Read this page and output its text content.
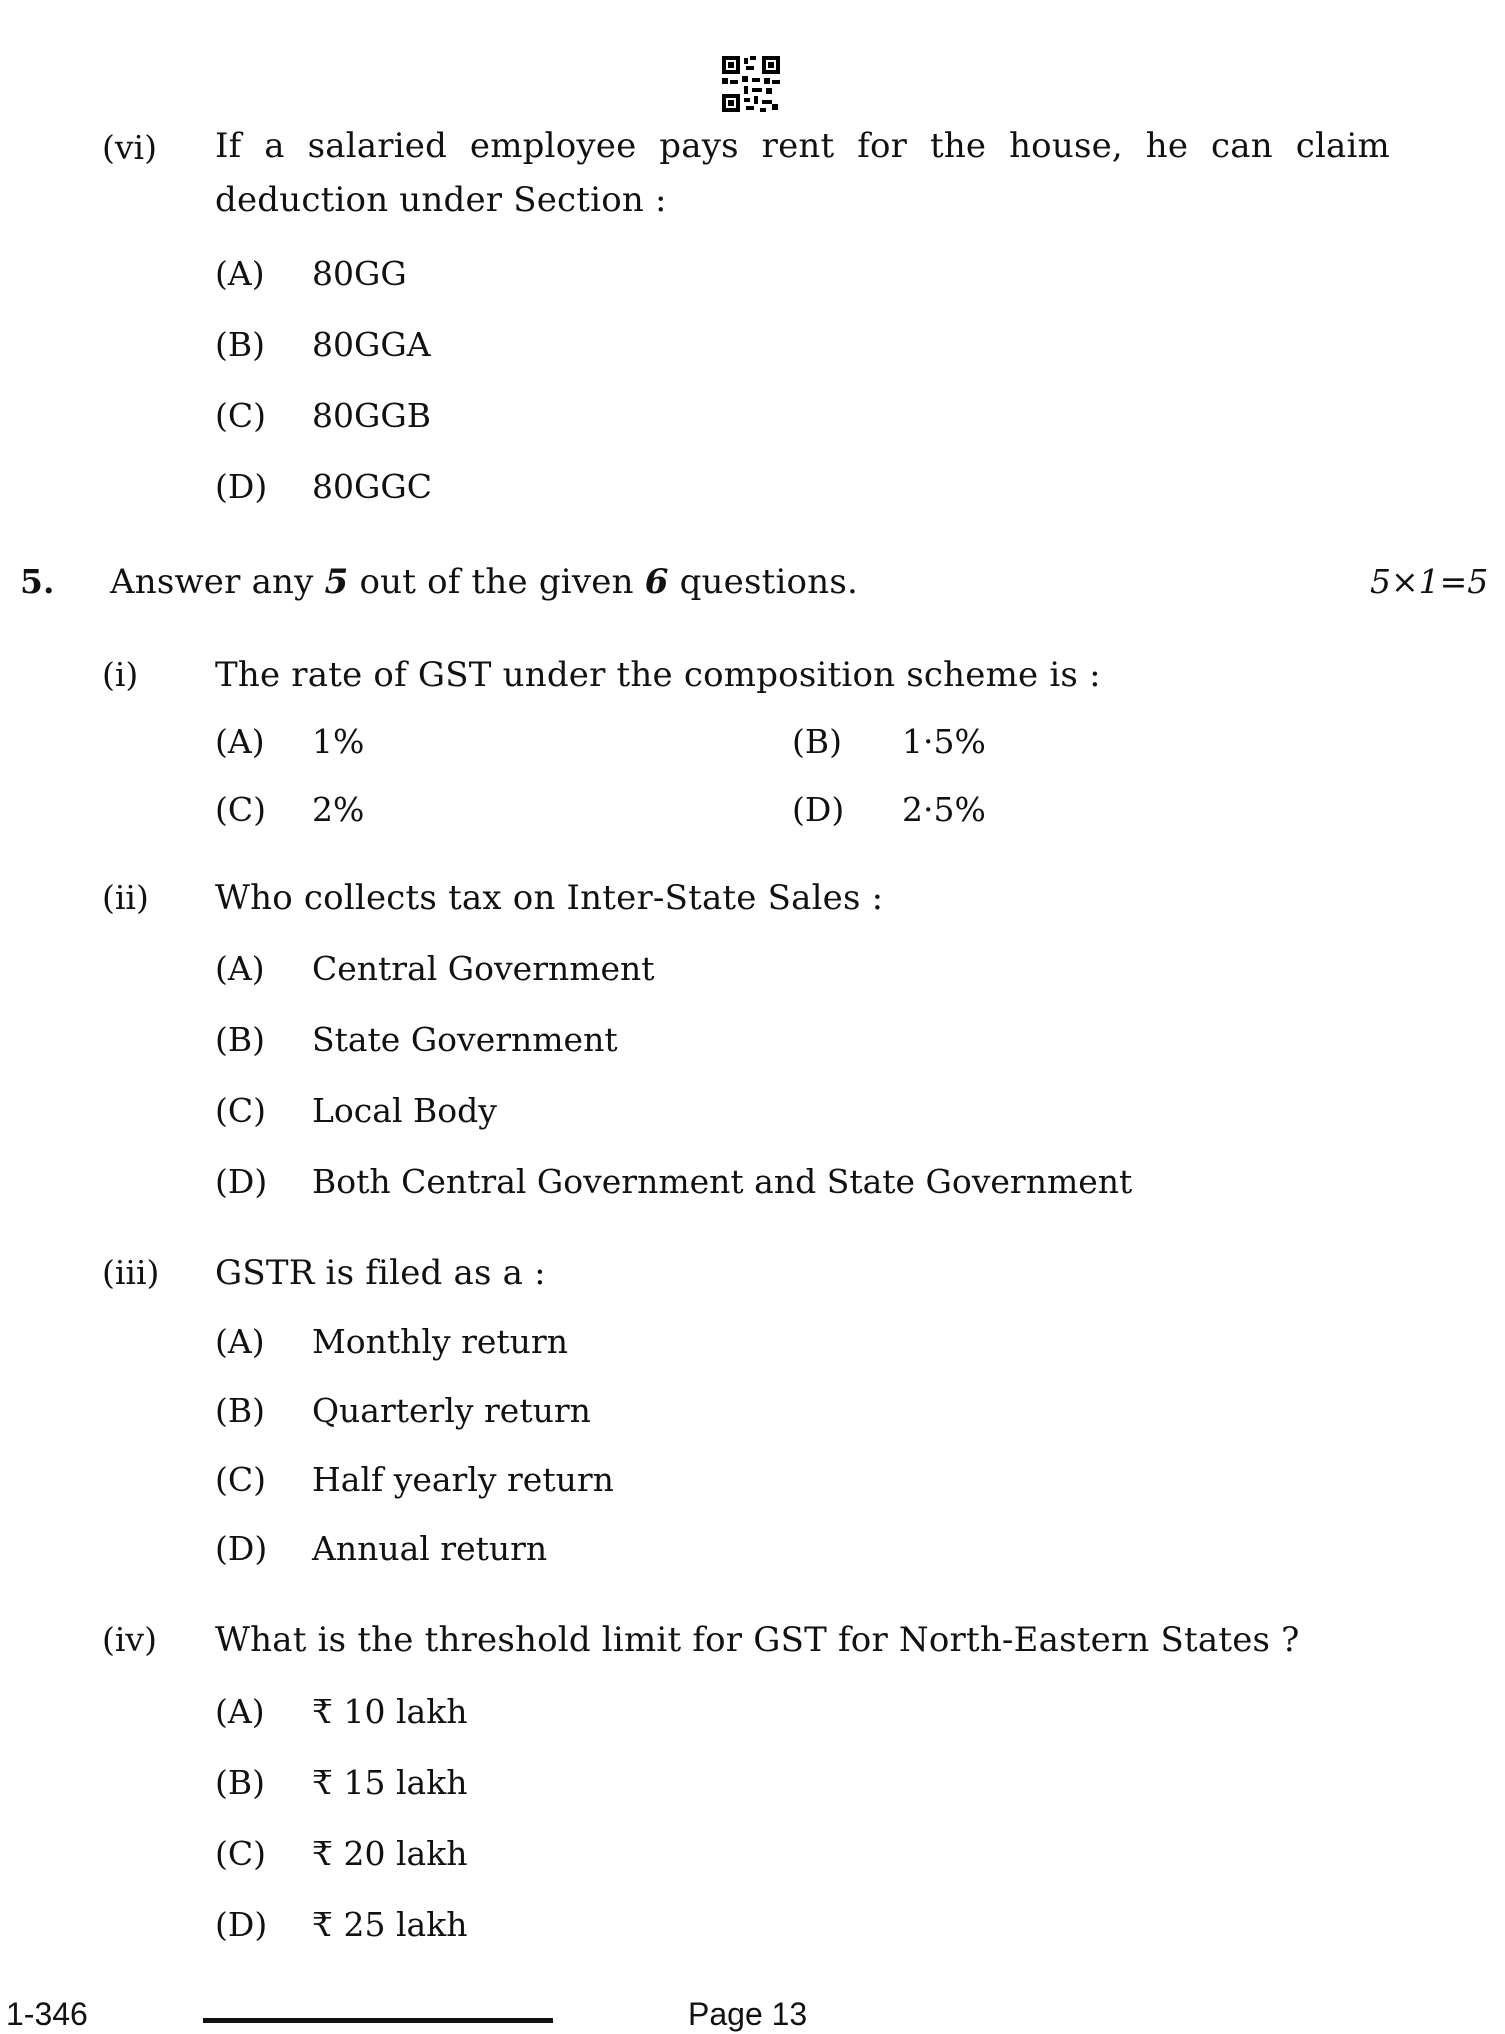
(vi) If a salaried employee pays rent for the house, he can claim
deduction under Section :
(A) 80GG
(B) 80GGA
(C) 80GGB
(D) 80GGC
5. Answer any 5 out of the given 6 questions.	5×1=5
(i) The rate of GST under the composition scheme is :
(A) 1%	(B) 1·5%
(C) 2%	(D) 2·5%
(ii) Who collects tax on Inter-State Sales :
(A) Central Government
(B) State Government
(C) Local Body
(D) Both Central Government and State Government
(iii) GSTR is filed as a :
(A) Monthly return
(B) Quarterly return
(C) Half yearly return
(D) Annual return
(iv) What is the threshold limit for GST for North-Eastern States ?
(A) ₹ 10 lakh
(B) ₹ 15 lakh
(C) ₹ 20 lakh
(D) ₹ 25 lakh
1-346	Page 13
